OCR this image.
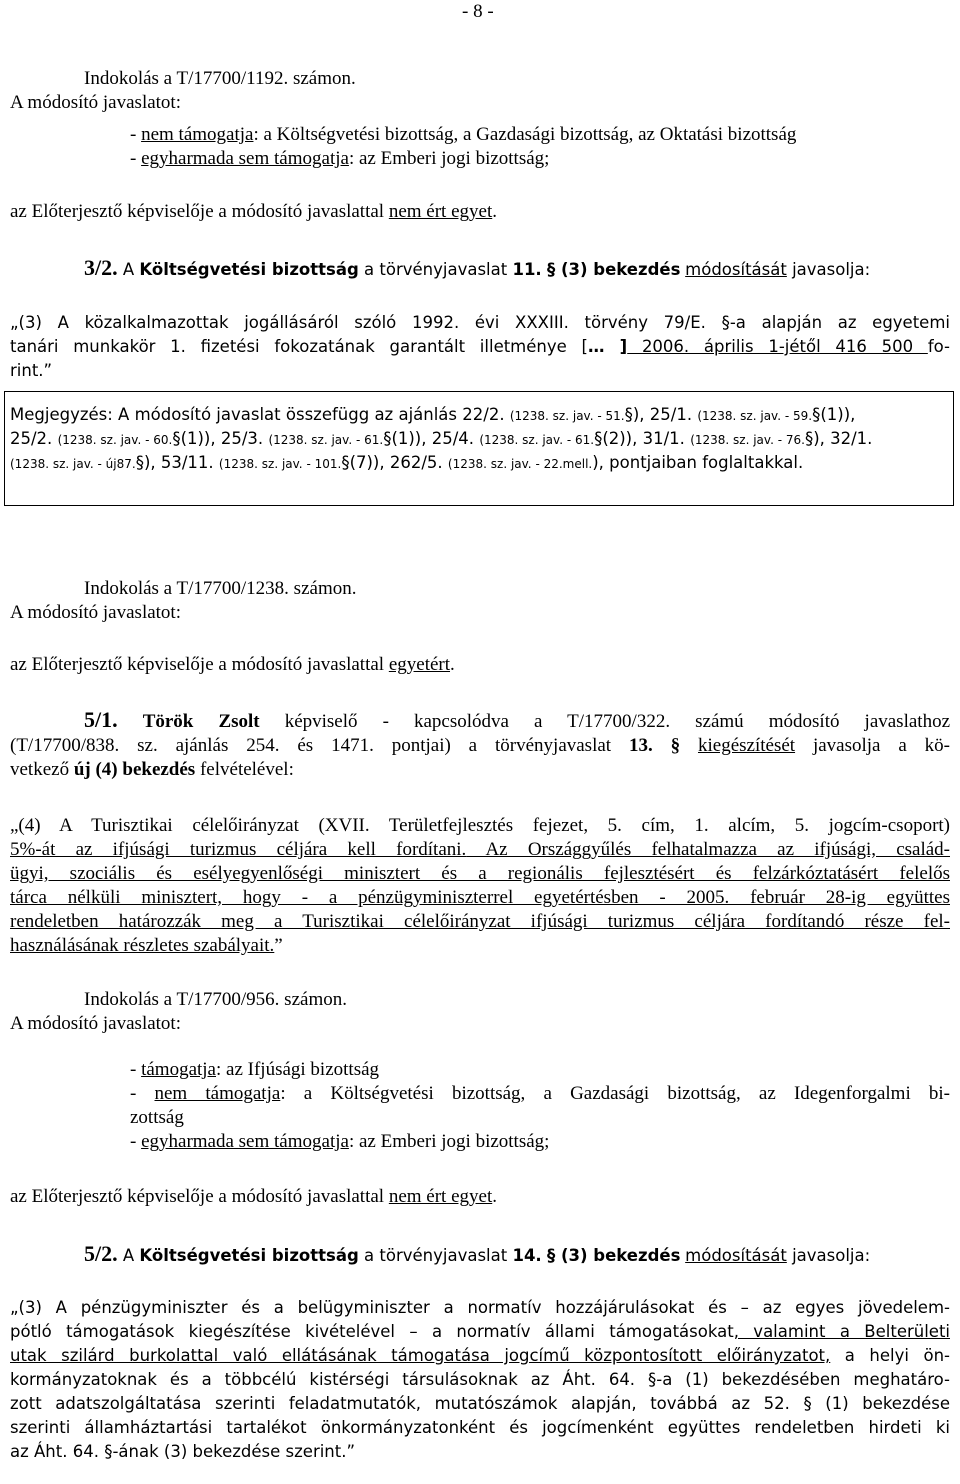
- 8 -
Indokolás a T/17700/1192. számon.
A módosító javaslatot:
- nem támogatja: a Költségvetési bizottság, a Gazdasági bizottság, az Oktatási bizottság
- egyharmada sem támogatja: az Emberi jogi bizottság;
az Előterjesztő képviselője a módosító javaslattal nem ért egyet.
3/2. A Költségvetési bizottság a törvényjavaslat 11. § (3) bekezdés módosítását javasolja:
„(3) A közalkalmazottak jogállásáról szóló 1992. évi XXXIII. törvény 79/E. §-a alapján az egyetemi
tanári munkakör 1. fizetési fokozatának garantált illetménye [… ] 2006. április 1-jétől 416 500 fo-
rint.”
Megjegyzés: A módosító javaslat összefügg az ajánlás 22/2. (1238. sz. jav. - 51.§), 25/1. (1238. sz. jav. - 59.§(1)),
25/2. (1238. sz. jav. - 60.§(1)), 25/3. (1238. sz. jav. - 61.§(1)), 25/4. (1238. sz. jav. - 61.§(2)), 31/1. (1238. sz. jav. - 76.§), 32/1.
(1238. sz. jav. - új87.§), 53/11. (1238. sz. jav. - 101.§(7)), 262/5. (1238. sz. jav. - 22.mell.), pontjaiban foglaltakkal.
Indokolás a T/17700/1238. számon.
A módosító javaslatot:
az Előterjesztő képviselője a módosító javaslattal egyetért.
5/1. Török Zsolt képviselő - kapcsolódva a T/17700/322. számú módosító javaslathoz
(T/17700/838. sz. ajánlás 254. és 1471. pontjai) a törvényjavaslat 13. § kiegészítését javasolja a kö-
vetkező új (4) bekezdés felvételével:
„(4) A Turisztikai célelőirányzat (XVII. Területfejlesztés fejezet, 5. cím, 1. alcím, 5. jogcím-csoport)
5%-át az ifjúsági turizmus céljára kell fordítani. Az Országgyűlés felhatalmazza az ifjúsági, család-
ügyi, szociális és esélyegyenlőségi minisztert és a regionális fejlesztésért és felzárkóztatásért felelős
tárca nélküli minisztert, hogy - a pénzügyminiszterrel egyetértésben - 2005. február 28-ig együttes
rendeletben határozzák meg a Turisztikai célelőirányzat ifjúsági turizmus céljára fordítandó része fel-
használásának részletes szabályait.”
Indokolás a T/17700/956. számon.
A módosító javaslatot:
- támogatja: az Ifjúsági bizottság
- nem támogatja: a Költségvetési bizottság, a Gazdasági bizottság, az Idegenforgalmi bi-
zottság
- egyharmada sem támogatja: az Emberi jogi bizottság;
az Előterjesztő képviselője a módosító javaslattal nem ért egyet.
5/2. A Költségvetési bizottság a törvényjavaslat 14. § (3) bekezdés módosítását javasolja:
„(3) A pénzügyminiszter és a belügyminiszter a normatív hozzájárulásokat és – az egyes jövedelem-
pótló támogatások kiegészítése kivételével – a normatív állami támogatásokat, valamint a Belterületi
utak szilárd burkolattal való ellátásának támogatása jogcímű központosított előirányzatot, a helyi ön-
kormányzatoknak és a többcélú kistérségi társulásoknak az Áht. 64. §-a (1) bekezdésében meghatáro-
zott adatszolgáltatása szerinti feladatmutatók, mutatószámok alapján, továbbá az 52. § (1) bekezdése
szerinti államháztartási tartalékot önkormányzatonként és jogcímenként együttes rendeletben hirdeti ki
az Áht. 64. §-ának (3) bekezdése szerint.”
